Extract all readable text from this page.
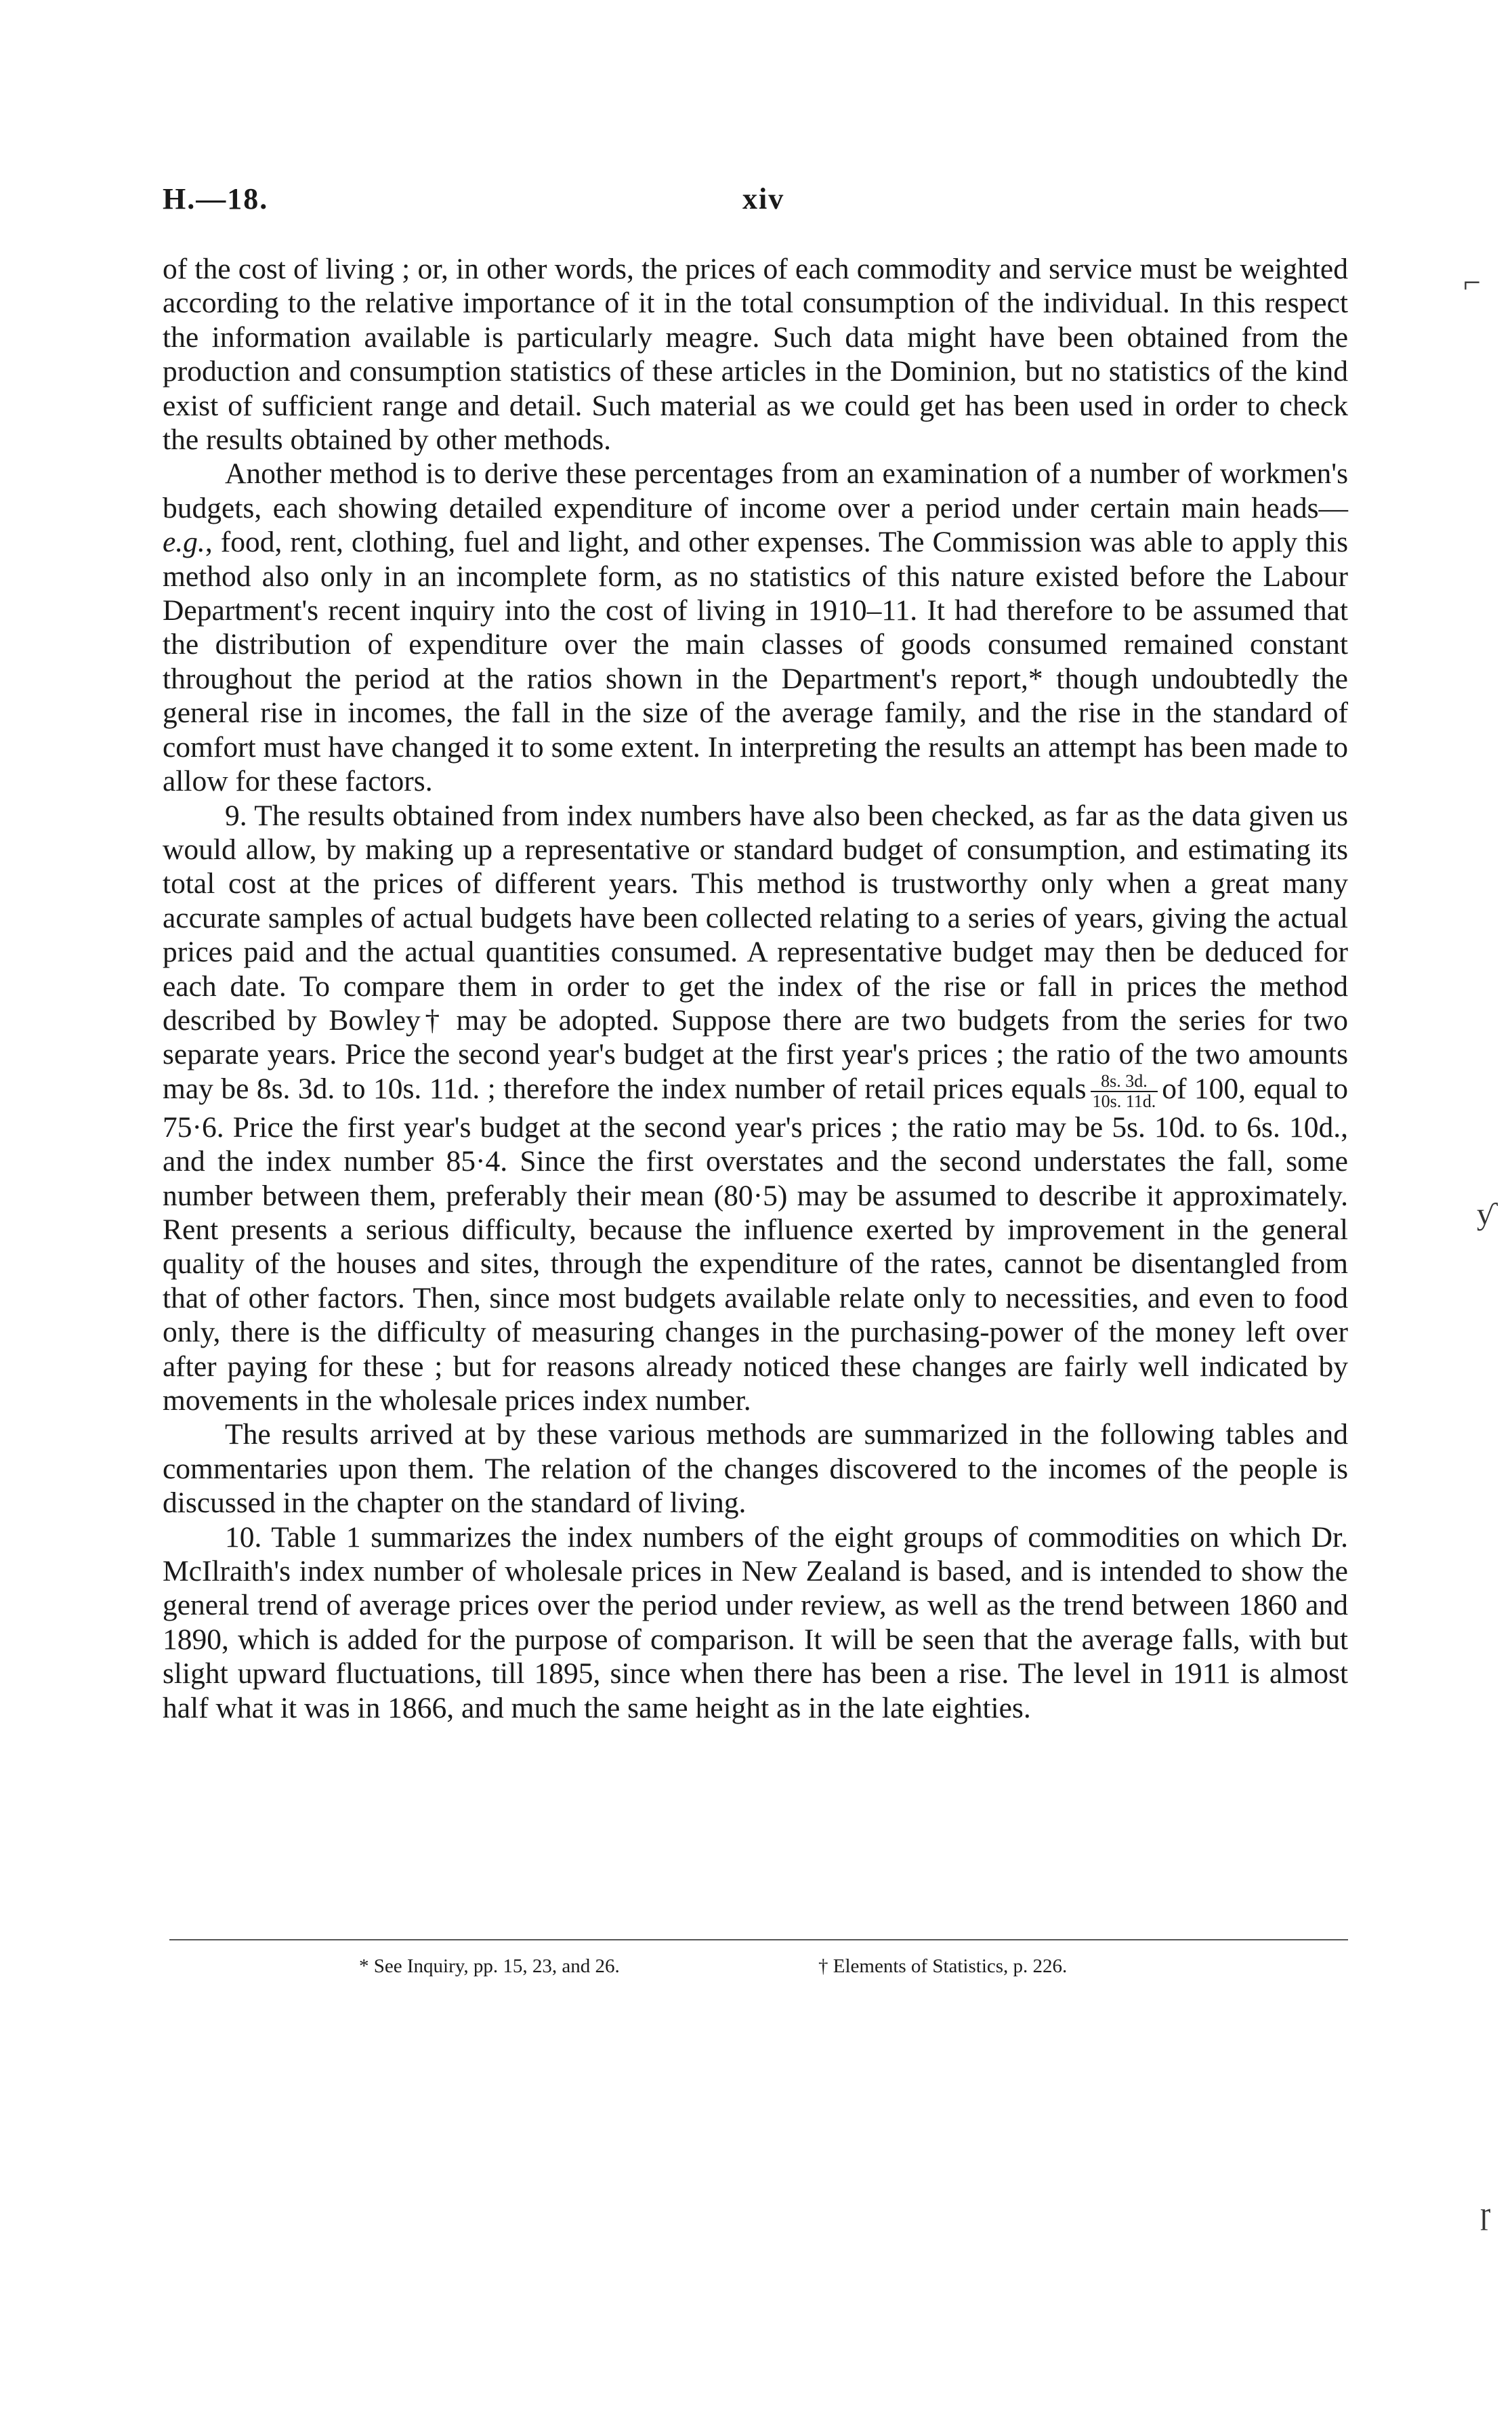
H.—18.	xiv

of the cost of living ; or, in other words, the prices of each commodity and service must be weighted according to the relative importance of it in the total consumption of the individual. In this respect the information available is particularly meagre. Such data might have been obtained from the production and consumption statistics of these articles in the Dominion, but no statistics of the kind exist of sufficient range and detail. Such material as we could get has been used in order to check the results obtained by other methods.

Another method is to derive these percentages from an examination of a number of workmen's budgets, each showing detailed expenditure of income over a period under certain main heads—e.g., food, rent, clothing, fuel and light, and other expenses. The Commission was able to apply this method also only in an incomplete form, as no statistics of this nature existed before the Labour Department's recent inquiry into the cost of living in 1910–11. It had therefore to be assumed that the distribution of expenditure over the main classes of goods consumed remained constant throughout the period at the ratios shown in the Department's report,* though undoubtedly the general rise in incomes, the fall in the size of the average family, and the rise in the standard of comfort must have changed it to some extent. In interpreting the results an attempt has been made to allow for these factors.

9. The results obtained from index numbers have also been checked, as far as the data given us would allow, by making up a representative or standard budget of consumption, and estimating its total cost at the prices of different years. This method is trustworthy only when a great many accurate samples of actual budgets have been collected relating to a series of years, giving the actual prices paid and the actual quantities consumed. A representative budget may then be deduced for each date. To compare them in order to get the index of the rise or fall in prices the method described by Bowley† may be adopted. Suppose there are two budgets from the series for two separate years. Price the second year's budget at the first year's prices ; the ratio of the two amounts may be 8s. 3d. to 10s. 11d. ; therefore the index number of retail prices equals $\frac{8s. 3d.}{10s. 11d.}$ of 100, equal to 75·6. Price the first year's budget at the second year's prices ; the ratio may be 5s. 10d. to 6s. 10d., and the index number 85·4. Since the first overstates and the second understates the fall, some number between them, preferably their mean (80·5) may be assumed to describe it approximately. Rent presents a serious difficulty, because the influence exerted by improvement in the general quality of the houses and sites, through the expenditure of the rates, cannot be disentangled from that of other factors. Then, since most budgets available relate only to necessities, and even to food only, there is the difficulty of measuring changes in the purchasing-power of the money left over after paying for these ; but for reasons already noticed these changes are fairly well indicated by movements in the wholesale prices index number.

The results arrived at by these various methods are summarized in the following tables and commentaries upon them. The relation of the changes discovered to the incomes of the people is discussed in the chapter on the standard of living.

10. Table 1 summarizes the index numbers of the eight groups of commodities on which Dr. McIlraith's index number of wholesale prices in New Zealand is based, and is intended to show the general trend of average prices over the period under review, as well as the trend between 1860 and 1890, which is added for the purpose of comparison. It will be seen that the average falls, with but slight upward fluctuations, till 1895, since when there has been a rise. The level in 1911 is almost half what it was in 1866, and much the same height as in the late eighties.

* See Inquiry, pp. 15, 23, and 26.	† Elements of Statistics, p. 226.
⌐
ƴ
ɼ
